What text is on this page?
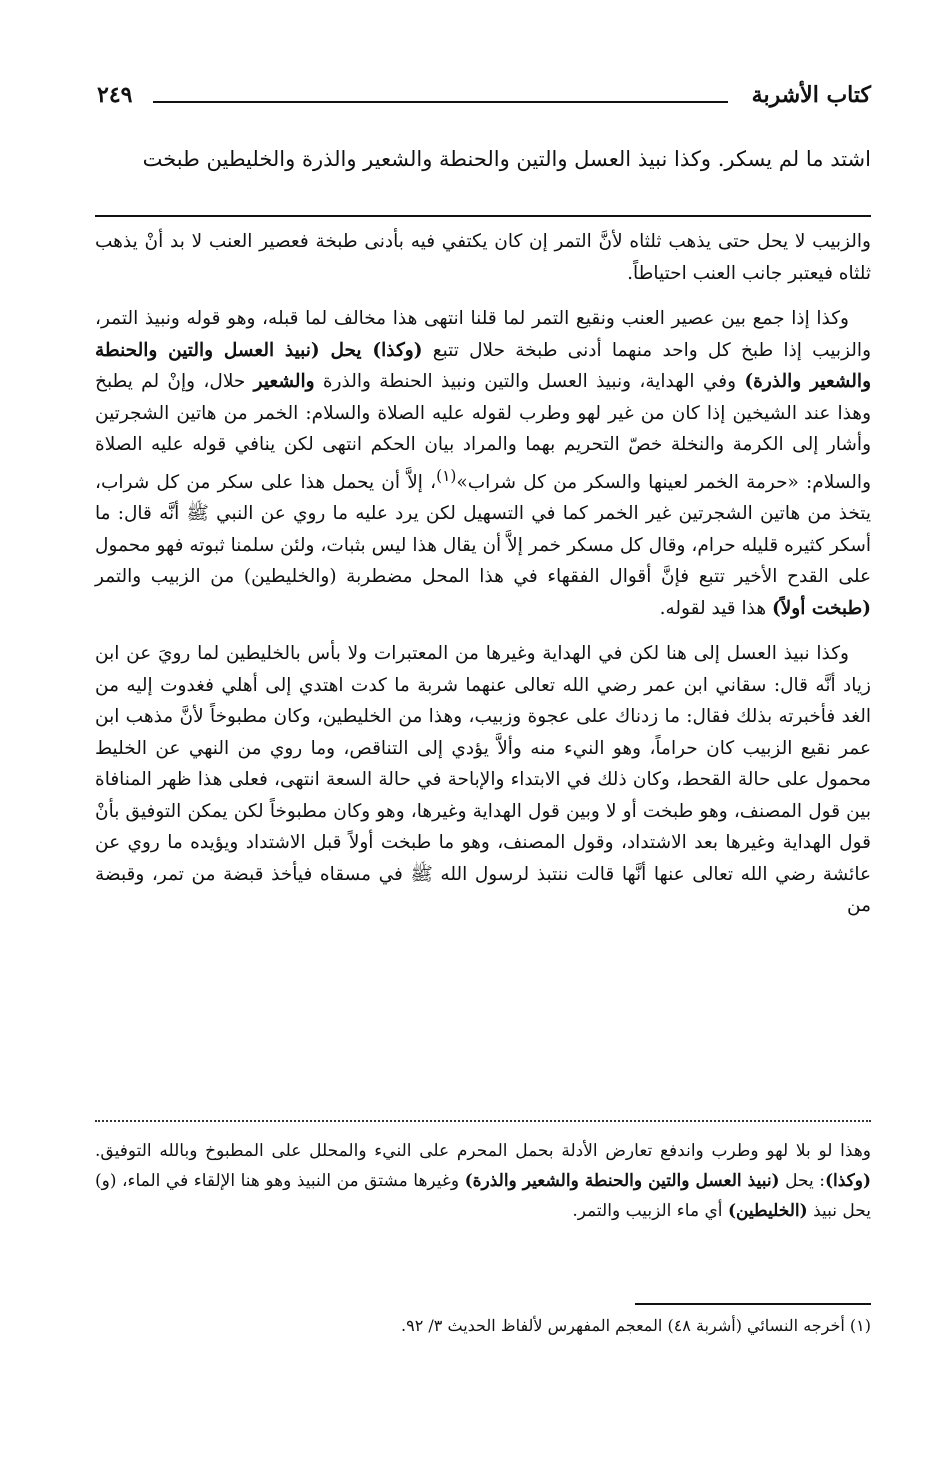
كتاب الأشربة
٢٤٩
اشتد ما لم يسكر. وكذا نبيذ العسل والتين والحنطة والشعير والذرة والخليطين طبخت

والزبيب لا يحل حتى يذهب ثلثاه لأنَّ التمر إن كان يكتفي فيه بأدنى طبخة فعصير العنب لا بد أنْ يذهب ثلثاه فيعتبر جانب العنب احتياطاً.

وكذا إذا جمع بين عصير العنب ونقيع التمر لما قلنا انتهى هذا مخالف لما قبله، وهو قوله ونبيذ التمر، والزبيب إذا طبخ كل واحد منهما أدنى طبخة حلال تتبع (وكذا) يحل (نبيذ العسل والتين والحنطة والشعير والذرة) وفي الهداية، ونبيذ العسل والتين ونبيذ الحنطة والذرة والشعير حلال، وإنْ لم يطبخ وهذا عند الشيخين إذا كان من غير لهو وطرب لقوله عليه الصلاة والسلام: الخمر من هاتين الشجرتين وأشار إلى الكرمة والنخلة خصّ التحريم بهما والمراد بيان الحكم انتهى لكن ينافي قوله عليه الصلاة والسلام: «حرمة الخمر لعينها والسكر من كل شراب»$^{(١)}$، إلاَّ أن يحمل هذا على سكر من كل شراب، يتخذ من هاتين الشجرتين غير الخمر كما في التسهيل لكن يرد عليه ما روي عن النبي ﷺ أنَّه قال: ما أسكر كثيره قليله حرام، وقال كل مسكر خمر إلاَّ أن يقال هذا ليس بثبات، ولئن سلمنا ثبوته فهو محمول على القدح الأخير تتبع فإنَّ أقوال الفقهاء في هذا المحل مضطربة (والخليطين) من الزبيب والتمر (طبخت أولاً) هذا قيد لقوله.

وكذا نبيذ العسل إلى هنا لكن في الهداية وغيرها من المعتبرات ولا بأس بالخليطين لما رويَ عن ابن زياد أنَّه قال: سقاني ابن عمر رضي الله تعالى عنهما شربة ما كدت اهتدي إلى أهلي فغدوت إليه من الغد فأخبرته بذلك فقال: ما زدناك على عجوة وزبيب، وهذا من الخليطين، وكان مطبوخاً لأنَّ مذهب ابن عمر نقيع الزبيب كان حراماً، وهو النيء منه وألاَّ يؤدي إلى التناقص، وما روي من النهي عن الخليط محمول على حالة القحط، وكان ذلك في الابتداء والإباحة في حالة السعة انتهى، فعلى هذا ظهر المنافاة بين قول المصنف، وهو طبخت أو لا وبين قول الهداية وغيرها، وهو وكان مطبوخاً لكن يمكن التوفيق بأنْ قول الهداية وغيرها بعد الاشتداد، وقول المصنف، وهو ما طبخت أولاً قبل الاشتداد ويؤيده ما روي عن عائشة رضي الله تعالى عنها أنَّها قالت ننتبذ لرسول الله ﷺ في مسقاه فيأخذ قبضة من تمر، وقبضة من

وهذا لو بلا لهو وطرب واندفع تعارض الأدلة بحمل المحرم على النيء والمحلل على المطبوخ وبالله التوفيق. (وكذا): يحل (نبيذ العسل والتين والحنطة والشعير والذرة) وغيرها مشتق من النبيذ وهو هنا الإلقاء في الماء، (و) يحل نبيذ (الخليطين) أي ماء الزبيب والتمر.
(١) أخرجه النسائي (أشربة ٤٨) المعجم المفهرس لألفاظ الحديث ٣/ ٩٢.
